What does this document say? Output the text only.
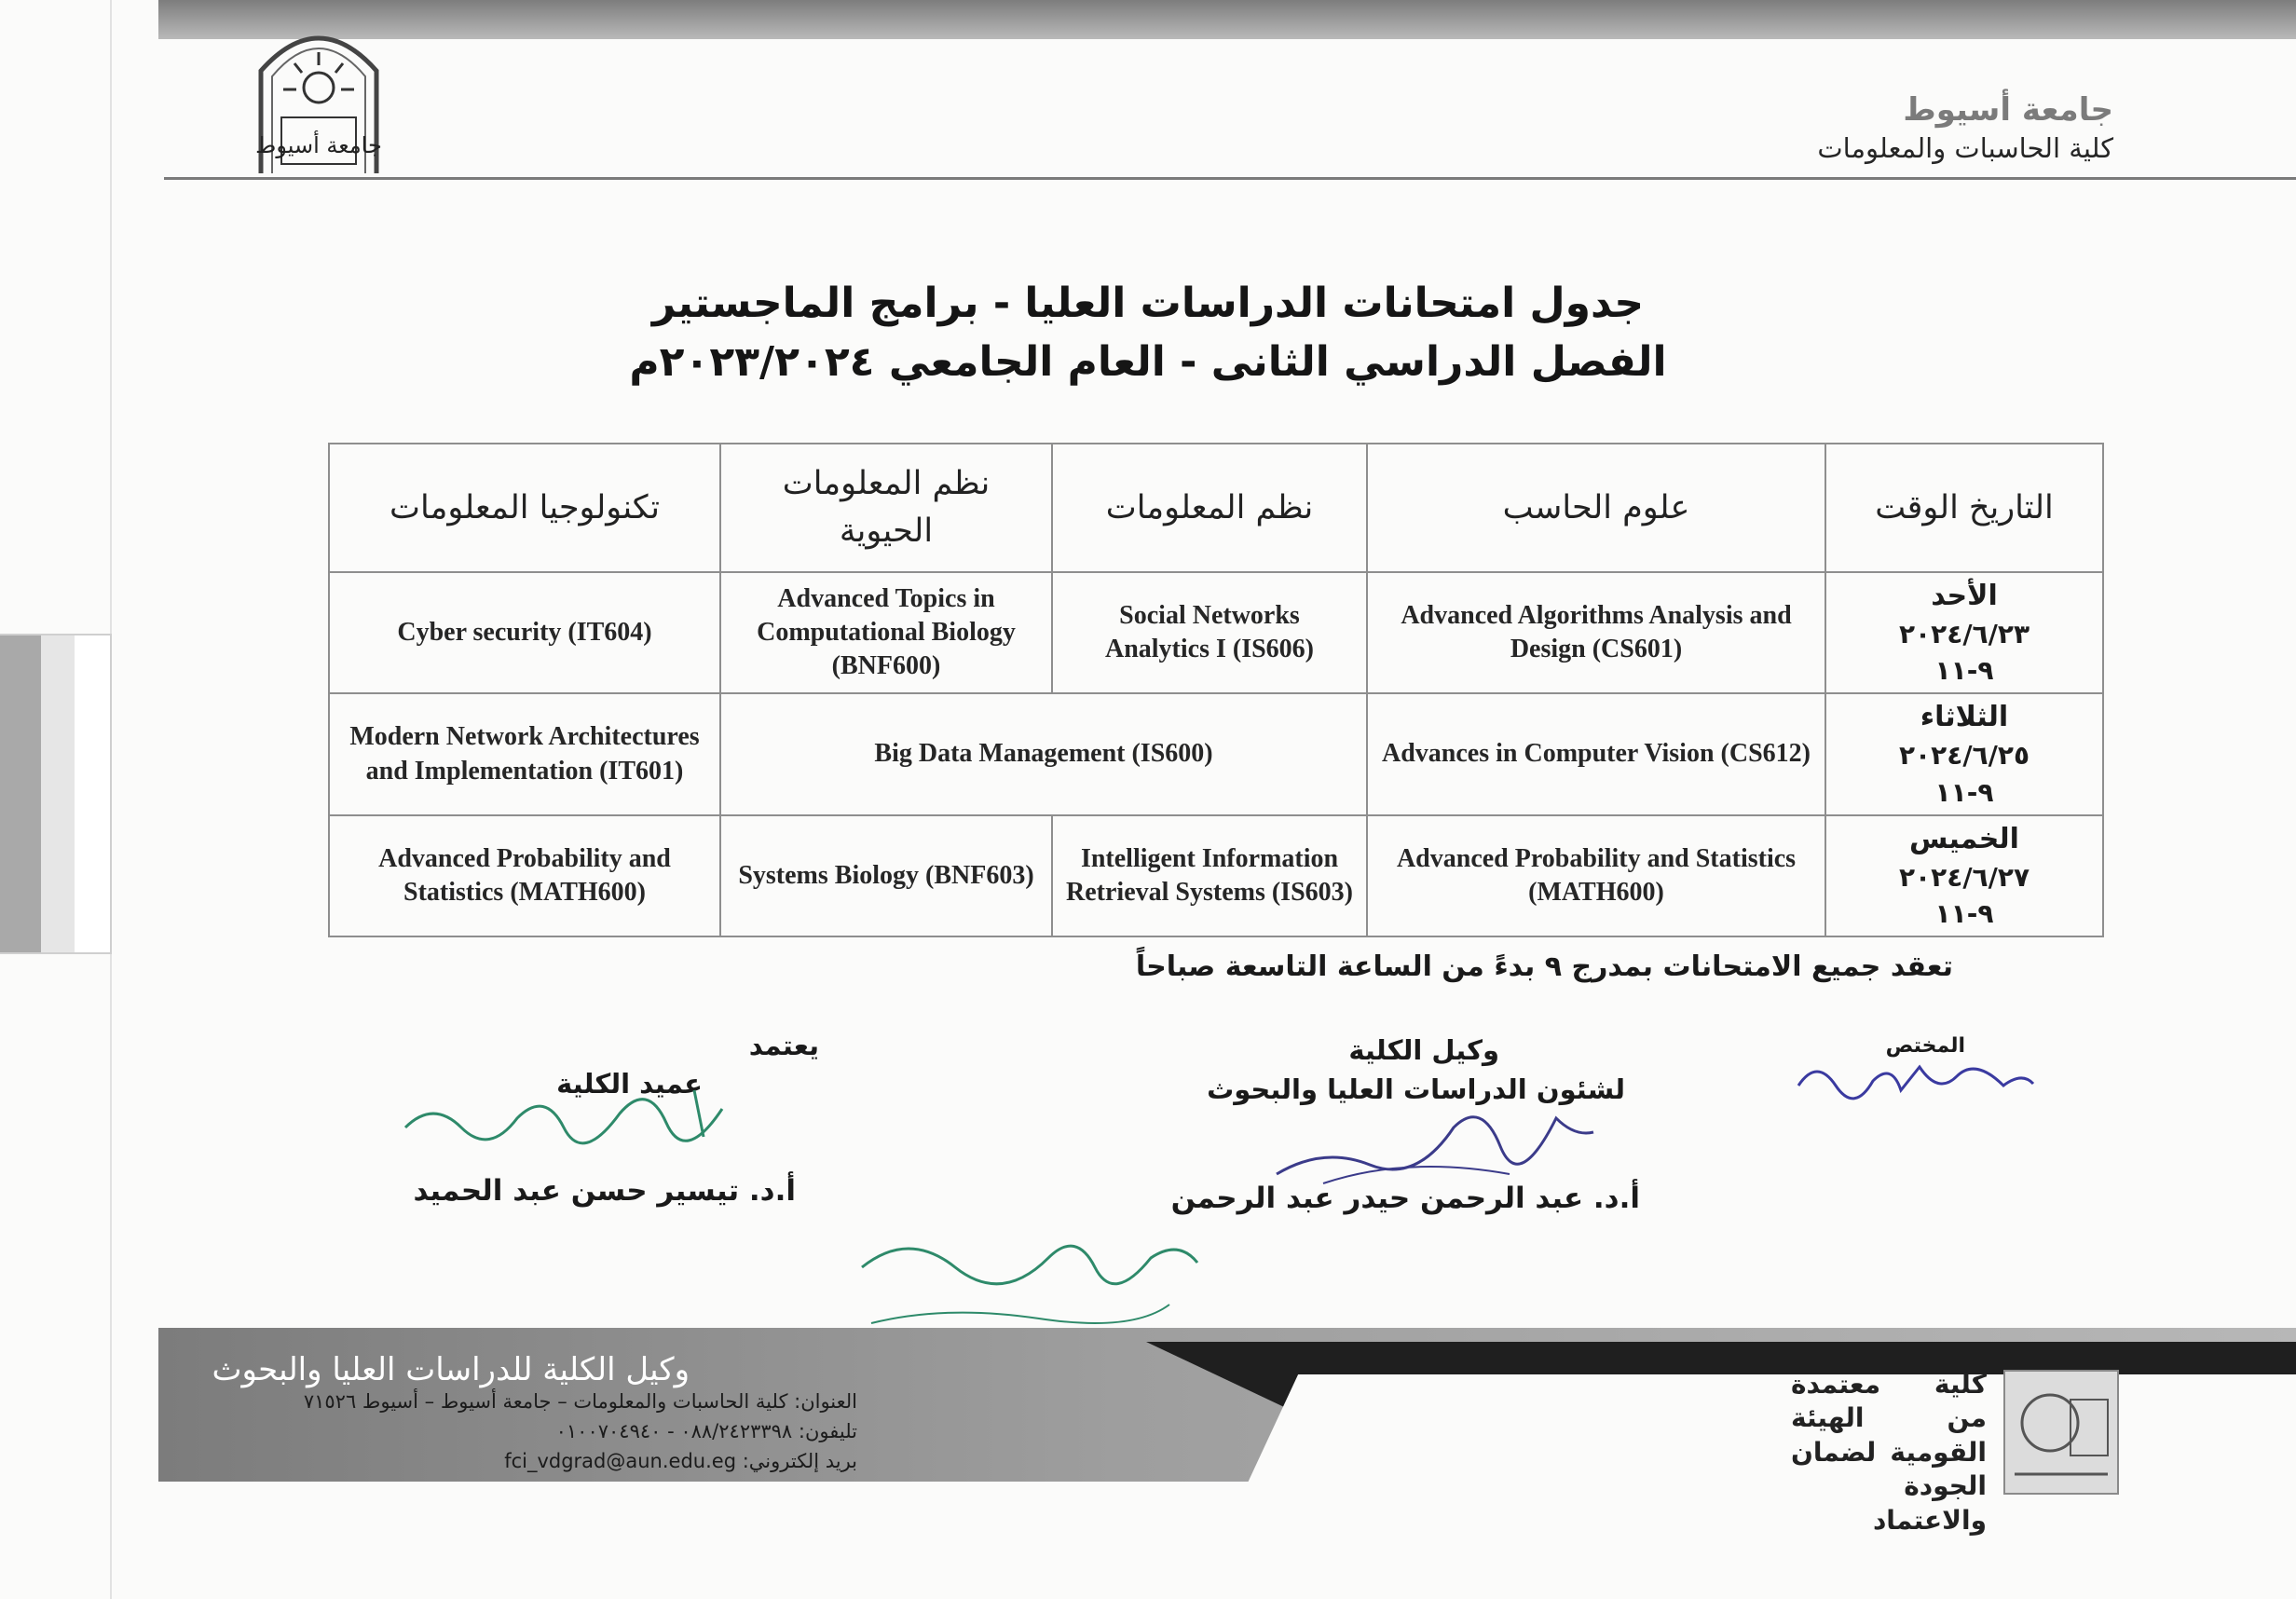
جامعة أسيوط
جامعة أسيوط
كلية الحاسبات والمعلومات
جدول امتحانات الدراسات العليا - برامج الماجستير
الفصل الدراسي الثانى - العام الجامعي ٢٠٢٣/٢٠٢٤م
التاريخ الوقت	علوم الحاسب	نظم المعلومات	نظم المعلومات الحيوية	تكنولوجيا المعلومات

الأحد
٢٠٢٤/٦/٢٣
٩-١١	Advanced Algorithms Analysis and Design (CS601)	Social Networks Analytics I (IS606)	Advanced Topics in Computational Biology (BNF600)	Cyber security (IT604)

الثلاثاء
٢٠٢٤/٦/٢٥
٩-١١	Advances in Computer Vision (CS612)	Big Data Management (IS600)		Modern Network Architectures and Implementation (IT601)

الخميس
٢٠٢٤/٦/٢٧
٩-١١	Advanced Probability and Statistics (MATH600)	Intelligent Information Retrieval Systems (IS603)	Systems Biology (BNF603)	Advanced Probability and Statistics (MATH600)
تعقد جميع الامتحانات بمدرج ٩ بدءً من الساعة التاسعة صباحاً
المختص
وكيل الكلية
لشئون الدراسات العليا والبحوث
أ.د. عبد الرحمن حيدر عبد الرحمن
يعتمد
عميد الكلية
أ.د. تيسير حسن عبد الحميد
وكيل الكلية للدراسات العليا والبحوث
العنوان: كلية الحاسبات والمعلومات – جامعة أسيوط – أسيوط ٧١٥٢٦
تليفون: ٠٨٨/٢٤٢٣٣٩٨ - ٠١٠٠٧٠٤٩٤٠
بريد إلكتروني: fci_vdgrad@aun.edu.eg
كلية معتمدة من الهيئة القومية لضمان الجودة والاعتماد
